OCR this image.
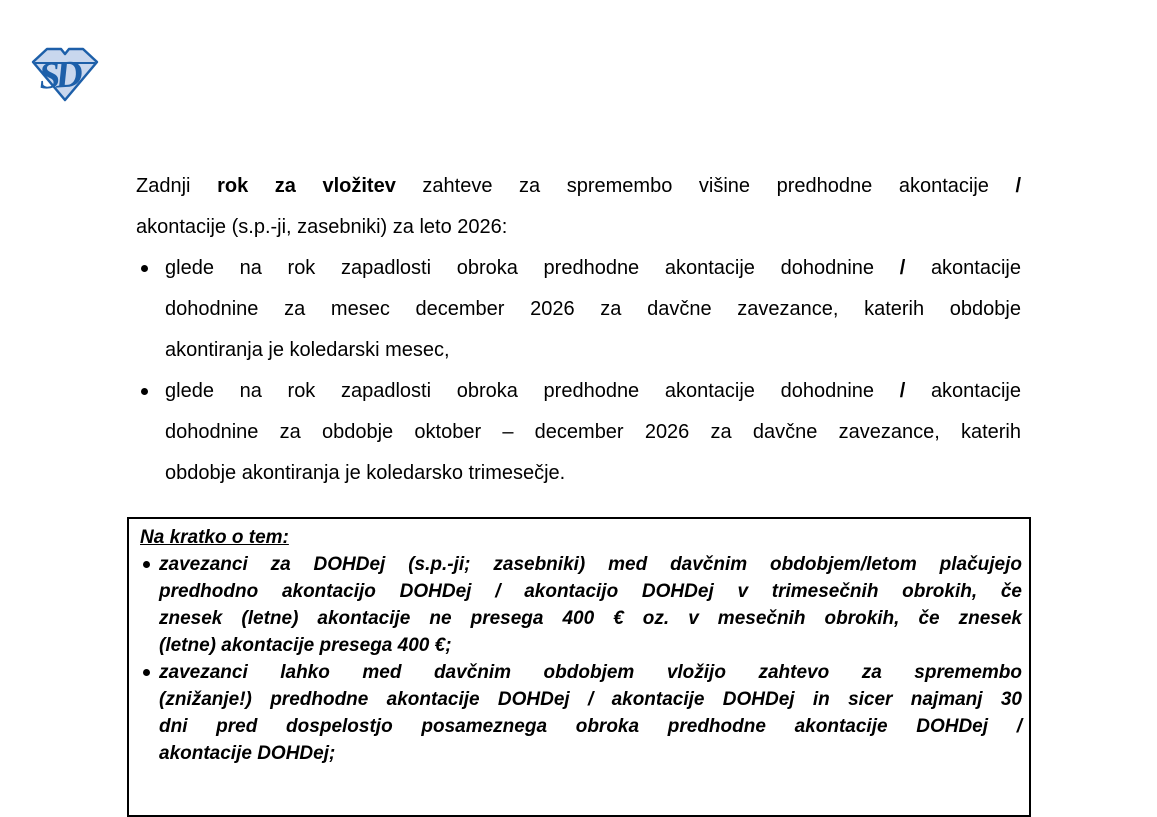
SD
Zadnji rok za vložitev zahteve za spremembo višine predhodne akontacije /
akontacije (s.p.-ji, zasebniki) za leto 2026:
glede na rok zapadlosti obroka predhodne akontacije dohodnine / akontacije
dohodnine za mesec december 2026 za davčne zavezance, katerih obdobje
akontiranja je koledarski mesec,
glede na rok zapadlosti obroka predhodne akontacije dohodnine / akontacije
dohodnine za obdobje oktober – december 2026 za davčne zavezance, katerih
obdobje akontiranja je koledarsko trimesečje.
Na kratko o tem:
zavezanci za DOHDej (s.p.-ji; zasebniki) med davčnim obdobjem/letom plačujejo
predhodno akontacijo DOHDej / akontacijo DOHDej v trimesečnih obrokih, če
znesek (letne) akontacije ne presega 400 € oz. v mesečnih obrokih, če znesek
(letne) akontacije presega 400 €;
zavezanci lahko med davčnim obdobjem vložijo zahtevo za spremembo
(znižanje!) predhodne akontacije DOHDej / akontacije DOHDej in sicer najmanj 30
dni pred dospelostjo posameznega obroka predhodne akontacije DOHDej /
akontacije DOHDej;
